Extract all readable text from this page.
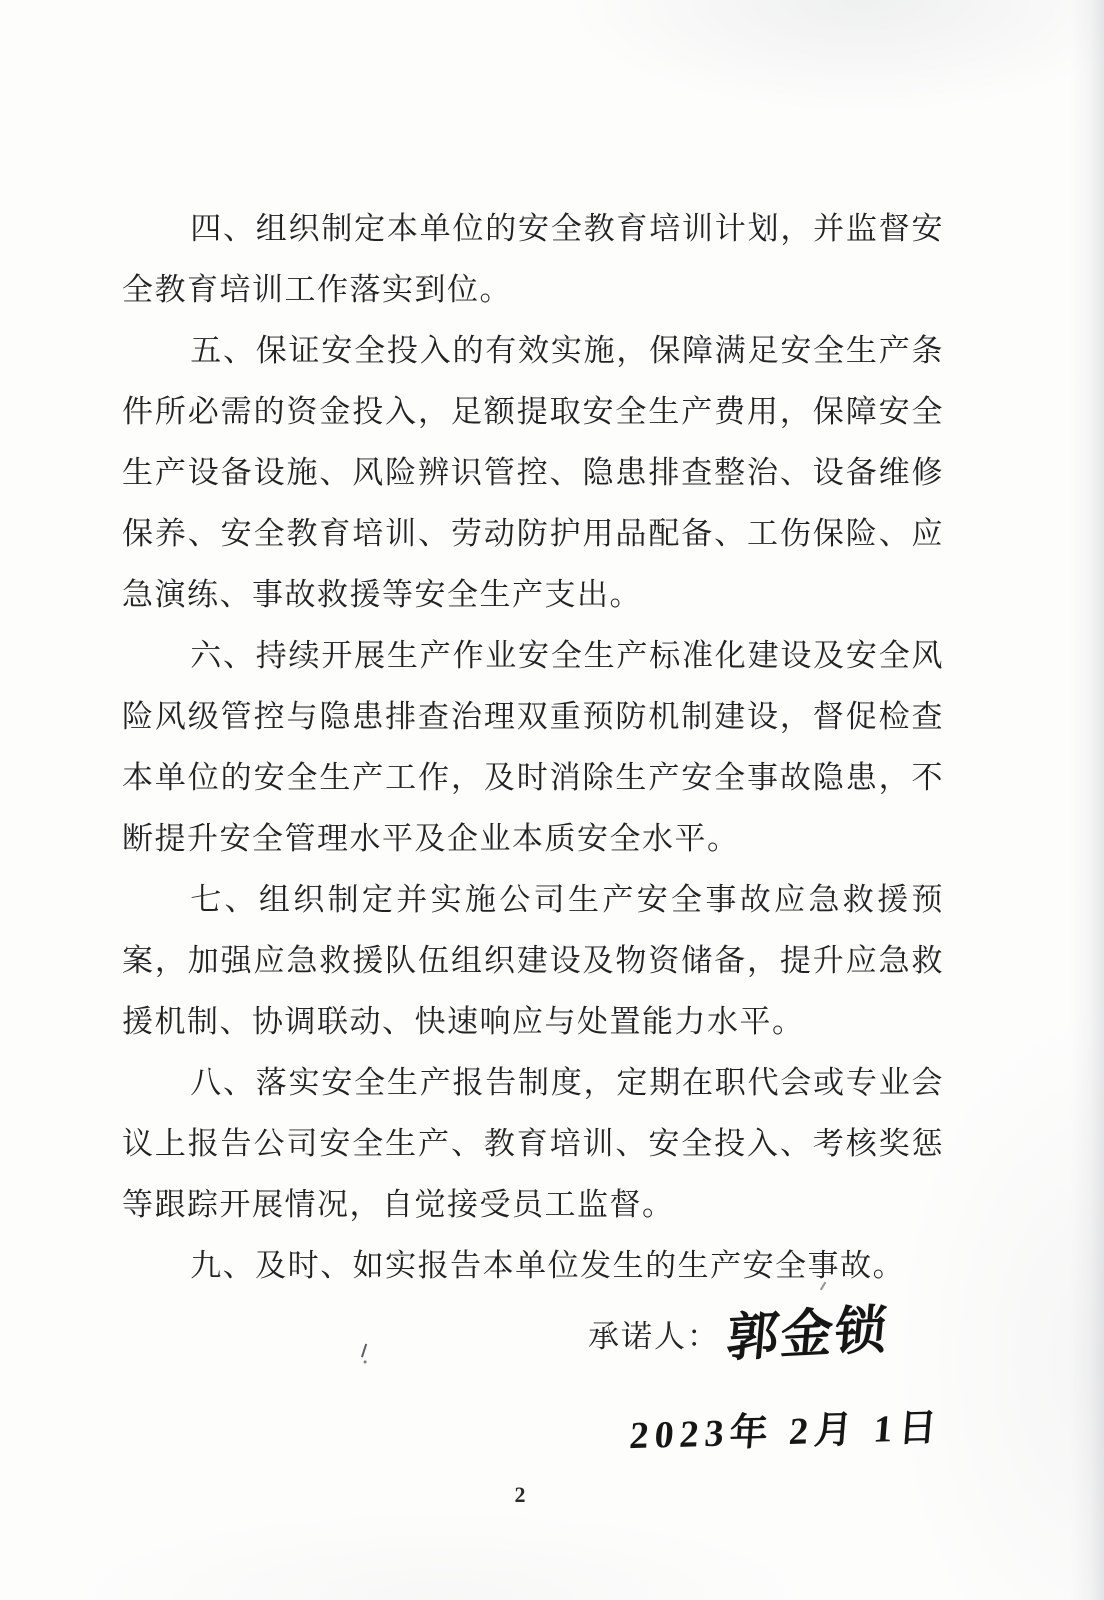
四、组织制定本单位的安全教育培训计划，并监督安全教育培训工作落实到位。

五、保证安全投入的有效实施，保障满足安全生产条件所必需的资金投入，足额提取安全生产费用，保障安全生产设备设施、风险辨识管控、隐患排查整治、设备维修保养、安全教育培训、劳动防护用品配备、工伤保险、应急演练、事故救援等安全生产支出。

六、持续开展生产作业安全生产标准化建设及安全风险风级管控与隐患排查治理双重预防机制建设，督促检查本单位的安全生产工作，及时消除生产安全事故隐患，不断提升安全管理水平及企业本质安全水平。

七、组织制定并实施公司生产安全事故应急救援预案，加强应急救援队伍组织建设及物资储备，提升应急救援机制、协调联动、快速响应与处置能力水平。

八、落实安全生产报告制度，定期在职代会或专业会议上报告公司安全生产、教育培训、安全投入、考核奖惩等跟踪开展情况，自觉接受员工监督。

九、及时、如实报告本单位发生的生产安全事故。

承诺人： 郭金锁
2023年 2月 1日
2
